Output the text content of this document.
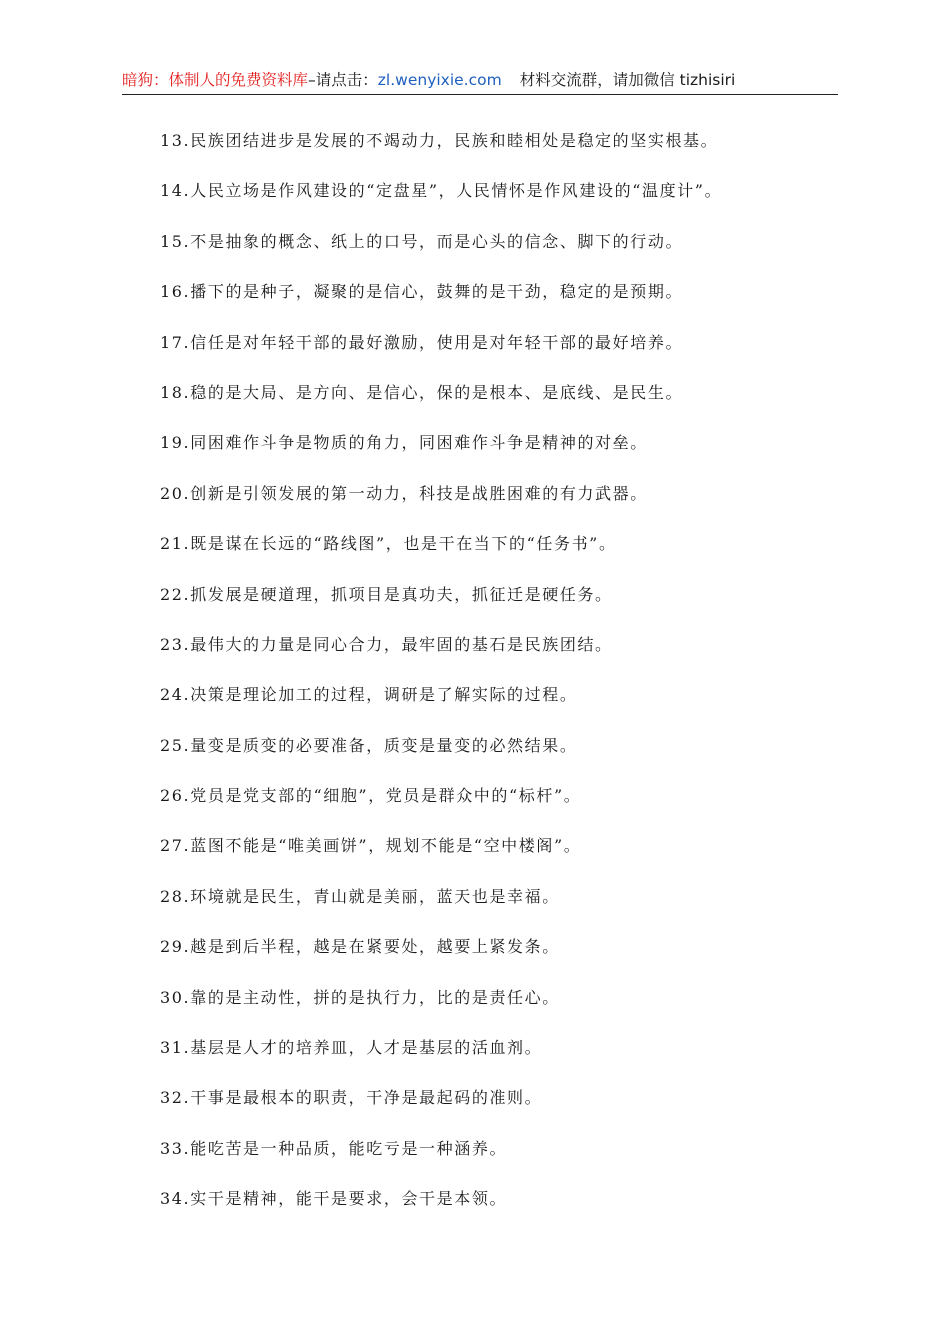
暗狗：体制人的免费资料库–请点击：zl.wenyixie.com 材料交流群，请加微信 tizhisiri
13.民族团结进步是发展的不竭动力，民族和睦相处是稳定的坚实根基。
14.人民立场是作风建设的“定盘星”，人民情怀是作风建设的“温度计”。
15.不是抽象的概念、纸上的口号，而是心头的信念、脚下的行动。
16.播下的是种子，凝聚的是信心，鼓舞的是干劲，稳定的是预期。
17.信任是对年轻干部的最好激励，使用是对年轻干部的最好培养。
18.稳的是大局、是方向、是信心，保的是根本、是底线、是民生。
19.同困难作斗争是物质的角力，同困难作斗争是精神的对垒。
20.创新是引领发展的第一动力，科技是战胜困难的有力武器。
21.既是谋在长远的“路线图”，也是干在当下的“任务书”。
22.抓发展是硬道理，抓项目是真功夫，抓征迁是硬任务。
23.最伟大的力量是同心合力，最牢固的基石是民族团结。
24.决策是理论加工的过程，调研是了解实际的过程。
25.量变是质变的必要准备，质变是量变的必然结果。
26.党员是党支部的“细胞”，党员是群众中的“标杆”。
27.蓝图不能是“唯美画饼”，规划不能是“空中楼阁”。
28.环境就是民生，青山就是美丽，蓝天也是幸福。
29.越是到后半程，越是在紧要处，越要上紧发条。
30.靠的是主动性，拼的是执行力，比的是责任心。
31.基层是人才的培养皿，人才是基层的活血剂。
32.干事是最根本的职责，干净是最起码的准则。
33.能吃苦是一种品质，能吃亏是一种涵养。
34.实干是精神，能干是要求，会干是本领。
